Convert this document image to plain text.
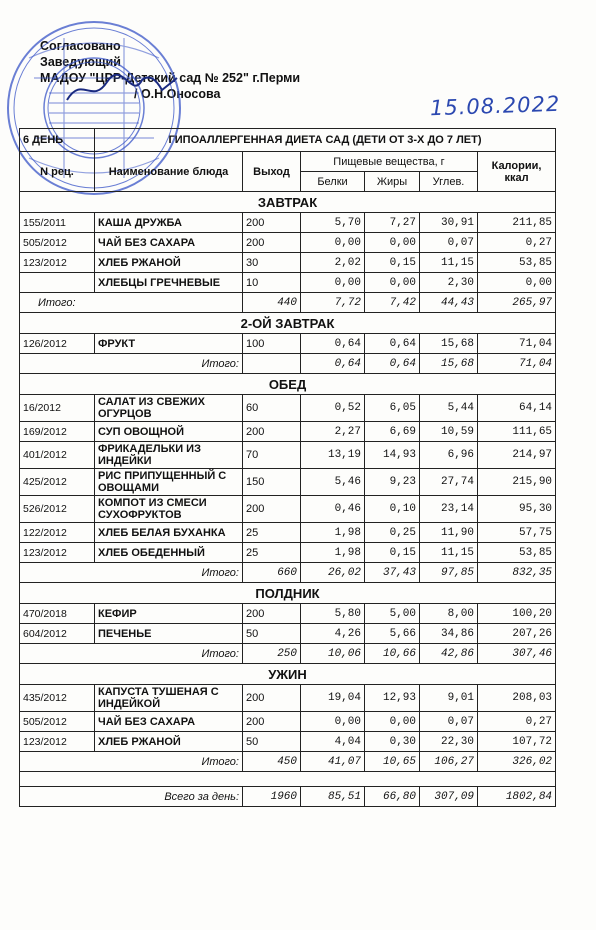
Согласовано
Заведующий
МАДОУ "ЦРР-Детский сад № 252" г.Перми
/ О.Н.Оносова	15.08.2022
6 ДЕНЬ	ГИПОАЛЛЕРГЕННАЯ ДИЕТА САД (ДЕТИ ОТ 3-Х ДО 7 ЛЕТ)					
N рец.	Наименование блюда	Выход	Пищевые вещества, г			Калории, ккал
			Белки	Жиры	Углев.	
ЗАВТРАК						
155/2011	КАША ДРУЖБА	200	5,70	7,27	30,91	211,85
505/2012	ЧАЙ БЕЗ САХАРА	200	0,00	0,00	0,07	0,27
123/2012	ХЛЕБ РЖАНОЙ	30	2,02	0,15	11,15	53,85
	ХЛЕБЦЫ ГРЕЧНЕВЫЕ	10	0,00	0,00	2,30	0,00
Итого:		440	7,72	7,42	44,43	265,97
2-ОЙ ЗАВТРАК						
126/2012	ФРУКТ	100	0,64	0,64	15,68	71,04
Итого:			0,64	0,64	15,68	71,04
ОБЕД						
16/2012	САЛАТ ИЗ СВЕЖИХ ОГУРЦОВ	60	0,52	6,05	5,44	64,14
169/2012	СУП ОВОЩНОЙ	200	2,27	6,69	10,59	111,65
401/2012	ФРИКАДЕЛЬКИ ИЗ ИНДЕЙКИ	70	13,19	14,93	6,96	214,97
425/2012	РИС ПРИПУЩЕННЫЙ С ОВОЩАМИ	150	5,46	9,23	27,74	215,90
526/2012	КОМПОТ ИЗ СМЕСИ СУХОФРУКТОВ	200	0,46	0,10	23,14	95,30
122/2012	ХЛЕБ БЕЛАЯ БУХАНКА	25	1,98	0,25	11,90	57,75
123/2012	ХЛЕБ ОБЕДЕННЫЙ	25	1,98	0,15	11,15	53,85
Итого:		660	26,02	37,43	97,85	832,35
ПОЛДНИК						
470/2018	КЕФИР	200	5,80	5,00	8,00	100,20
604/2012	ПЕЧЕНЬЕ	50	4,26	5,66	34,86	207,26
Итого:		250	10,06	10,66	42,86	307,46
УЖИН						
435/2012	КАПУСТА ТУШЕНАЯ С ИНДЕЙКОЙ	200	19,04	12,93	9,01	208,03
505/2012	ЧАЙ БЕЗ САХАРА	200	0,00	0,00	0,07	0,27
123/2012	ХЛЕБ РЖАНОЙ	50	4,04	0,30	22,30	107,72
Итого:		450	41,07	10,65	106,27	326,02

Всего за день:		1960	85,51	66,80	307,09	1802,84
